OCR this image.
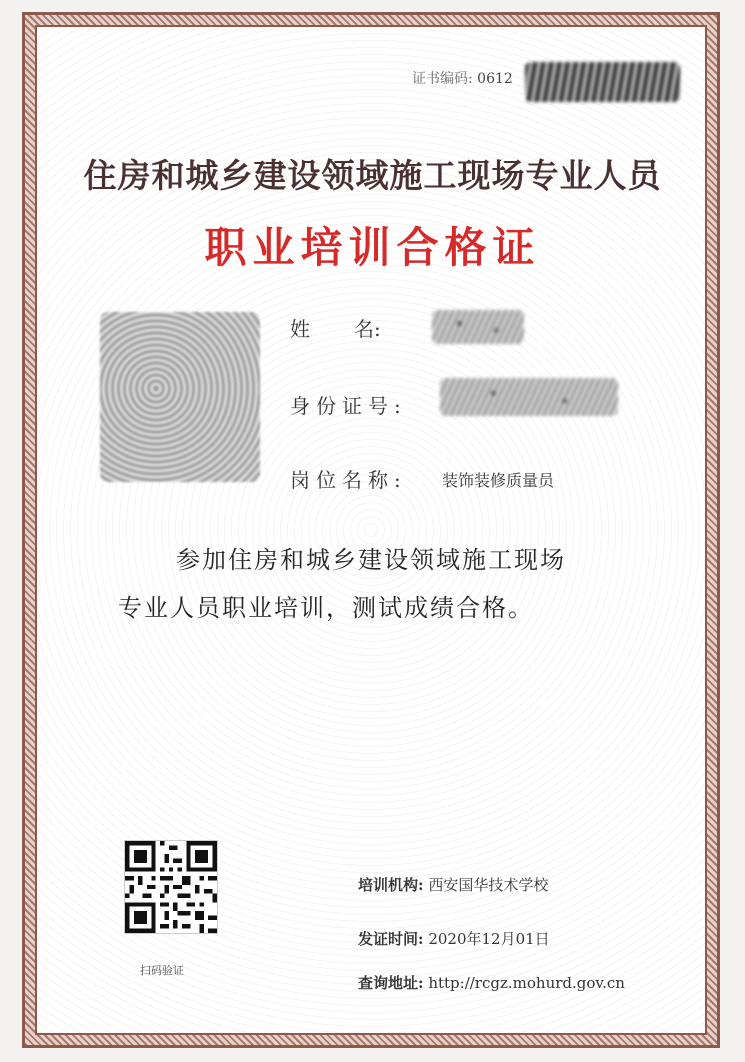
证书编码: 0612
住房和城乡建设领域施工现场专业人员
职业培训合格证
姓 名:
身份证号:
岗位名称: 装饰装修质量员
参加住房和城乡建设领域施工现场
专业人员职业培训，测试成绩合格。
扫码验证
培训机构: 西安国华技术学校
发证时间: 2020年12月01日
查询地址: http://rcgz.mohurd.gov.cn
